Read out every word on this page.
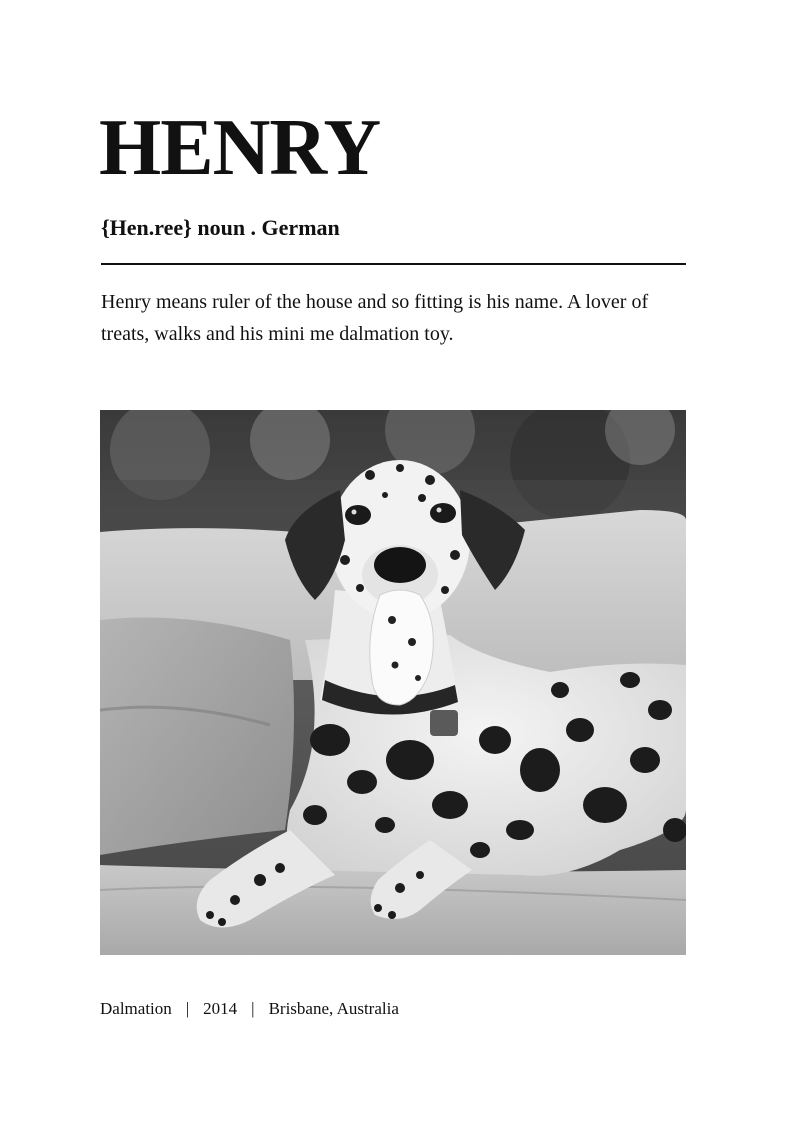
HENRY

{Hen.ree} noun . German

Henry means ruler of the house and so fitting is his name. A lover of treats, walks and his mini me dalmation toy.

Dalmation | 2014 | Brisbane, Australia
